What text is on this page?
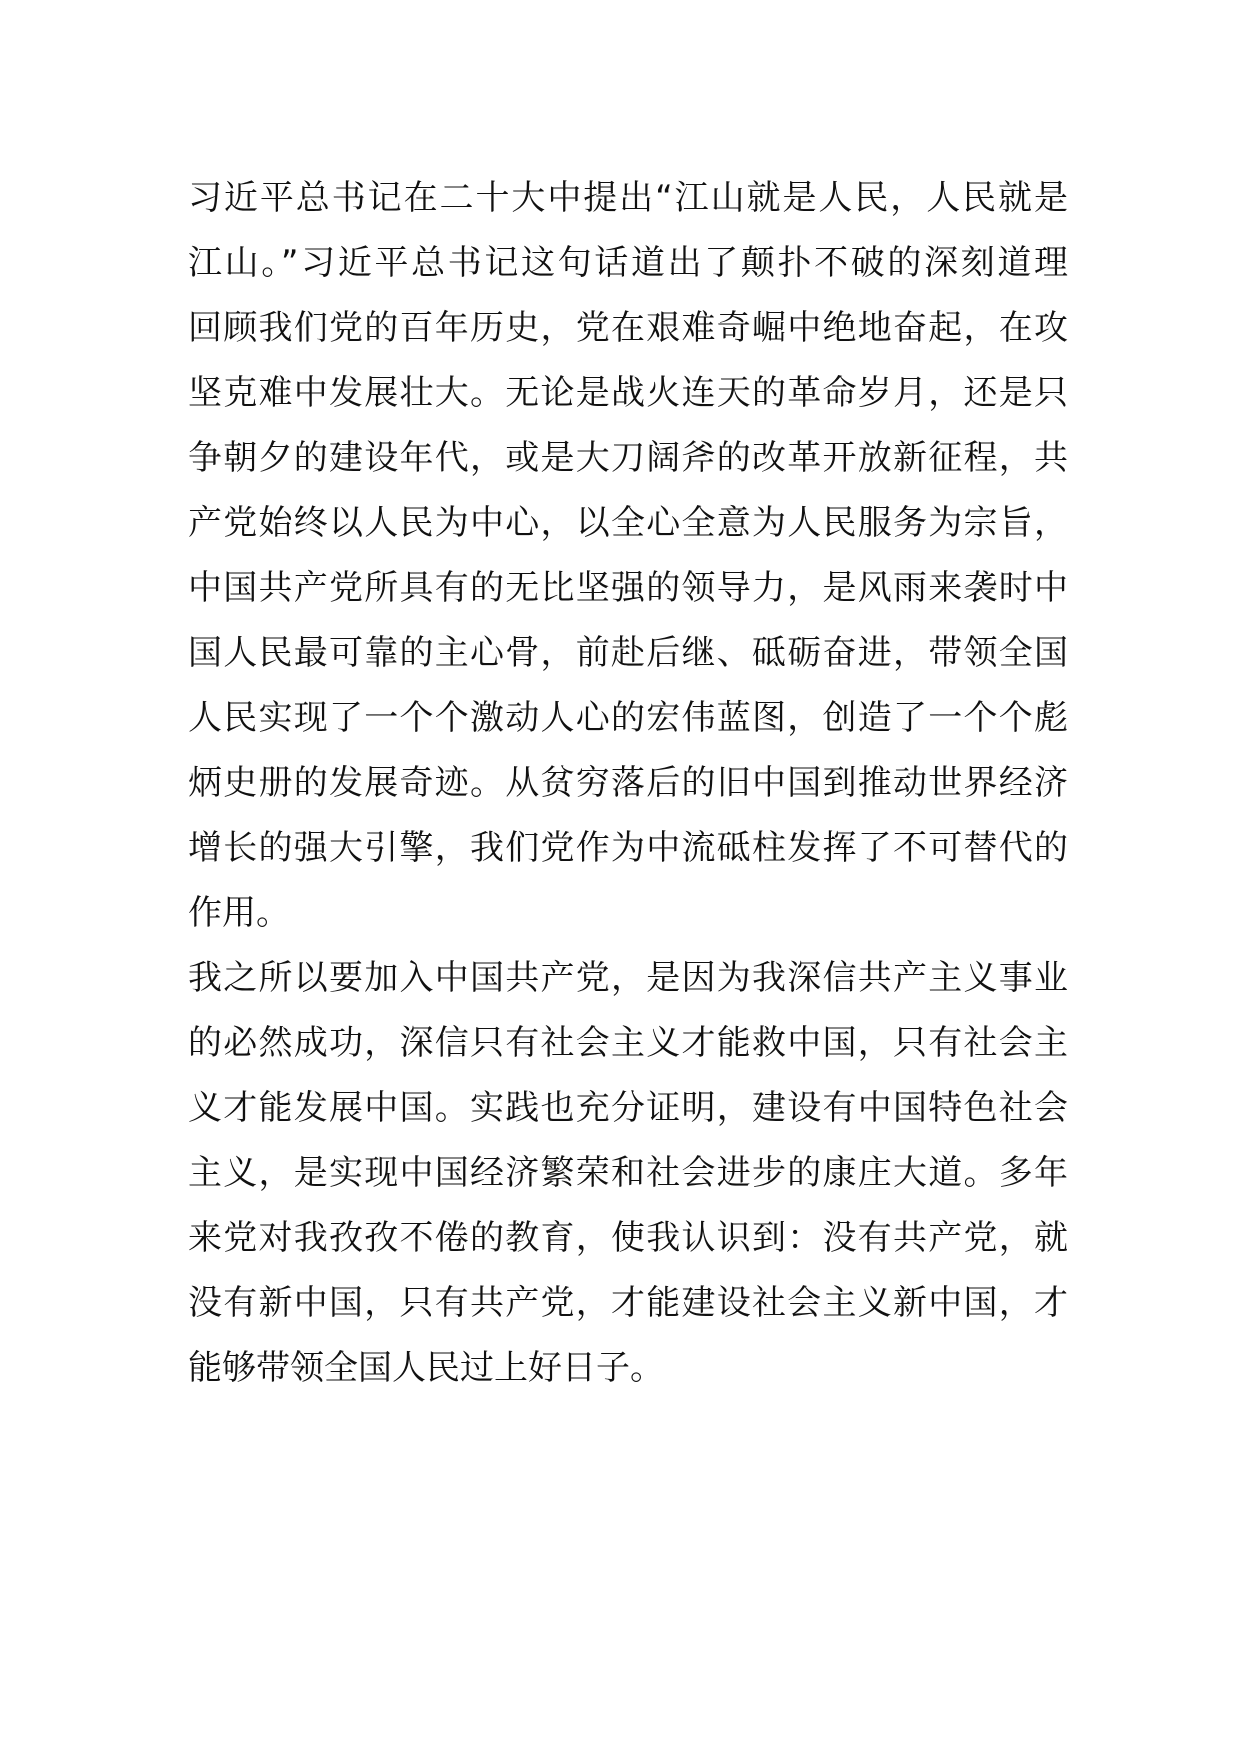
习近平总书记在二十大中提出“江山就是人民，人民就是
江山。”习近平总书记这句话道出了颠扑不破的深刻道理
回顾我们党的百年历史，党在艰难奇崛中绝地奋起，在攻
坚克难中发展壮大。无论是战火连天的革命岁月，还是只
争朝夕的建设年代，或是大刀阔斧的改革开放新征程，共
产党始终以人民为中心，以全心全意为人民服务为宗旨，
中国共产党所具有的无比坚强的领导力，是风雨来袭时中
国人民最可靠的主心骨，前赴后继、砥砺奋进，带领全国
人民实现了一个个激动人心的宏伟蓝图，创造了一个个彪
炳史册的发展奇迹。从贫穷落后的旧中国到推动世界经济
增长的强大引擎，我们党作为中流砥柱发挥了不可替代的
作用。
我之所以要加入中国共产党，是因为我深信共产主义事业
的必然成功，深信只有社会主义才能救中国，只有社会主
义才能发展中国。实践也充分证明，建设有中国特色社会
主义，是实现中国经济繁荣和社会进步的康庄大道。多年
来党对我孜孜不倦的教育，使我认识到：没有共产党，就
没有新中国，只有共产党，才能建设社会主义新中国，才
能够带领全国人民过上好日子。
